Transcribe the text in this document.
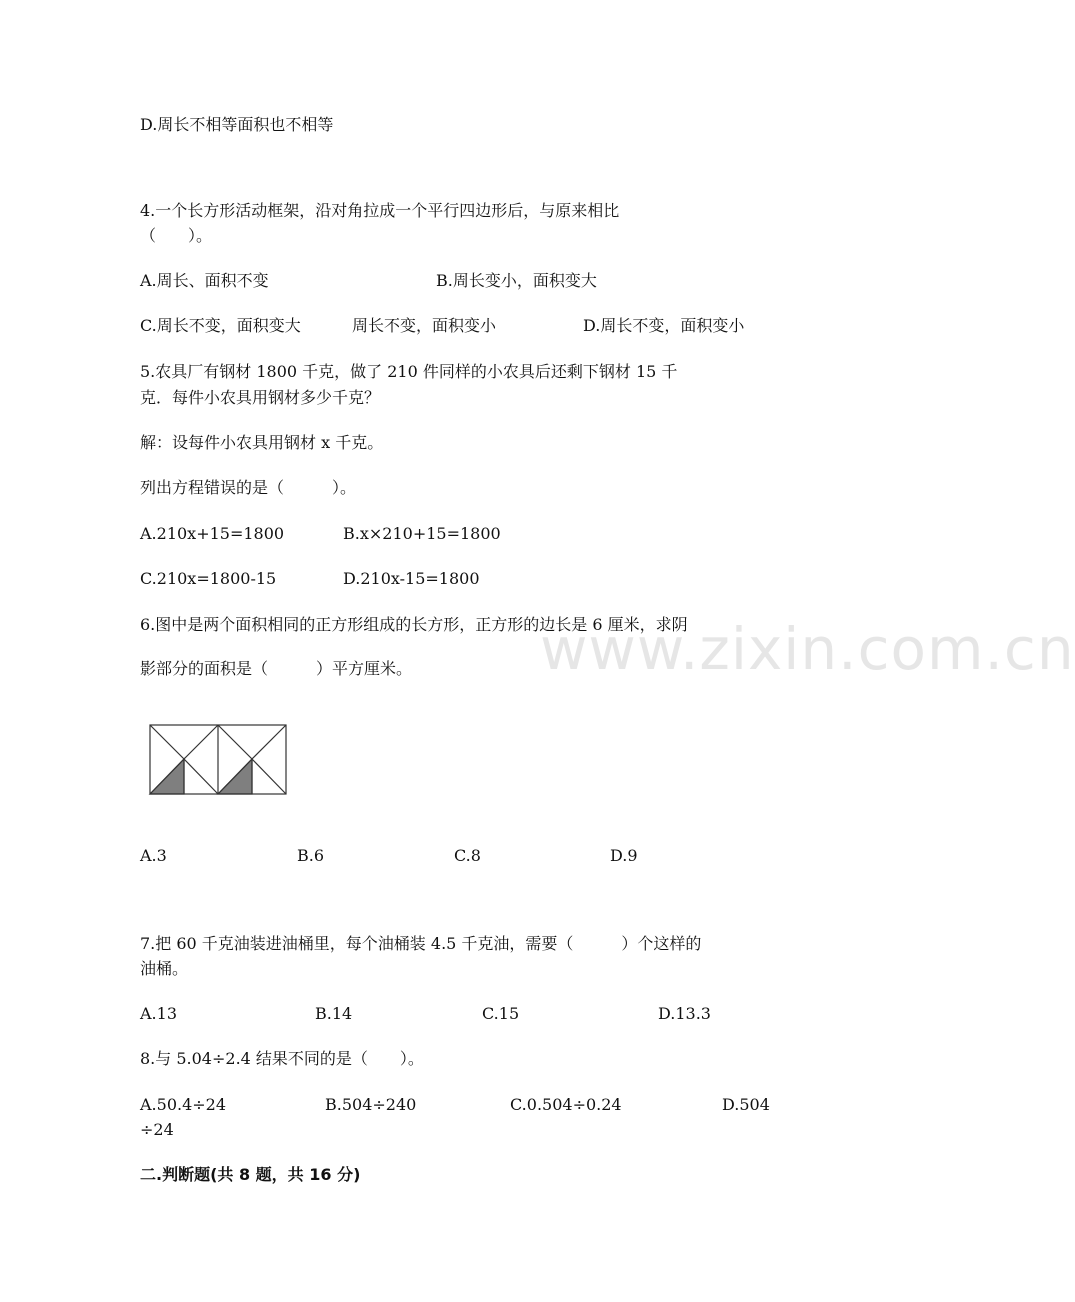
www.zixin.com.cn
D.周长不相等面积也不相等
4.一个长方形活动框架，沿对角拉成一个平行四边形后，与原来相比
（　　）。
A.周长、面积不变	B.周长变小，面积变大
C.周长不变，面积变大	周长不变，面积变小	D.周长不变，面积变小
5.农具厂有钢材 1800 千克，做了 210 件同样的小农具后还剩下钢材 15 千
克．每件小农具用钢材多少千克？
解：设每件小农具用钢材 x 千克。
列出方程错误的是（　　　）。
A.210x+15=1800	B.x×210+15=1800
C.210x=1800-15	D.210x-15=1800
6.图中是两个面积相同的正方形组成的长方形，正方形的边长是 6 厘米，求阴
影部分的面积是（　　　）平方厘米。
A.3	B.6	C.8	D.9
7.把 60 千克油装进油桶里，每个油桶装 4.5 千克油，需要（　　　）个这样的
油桶。
A.13	B.14	C.15	D.13.3
8.与 5.04÷2.4 结果不同的是（　　）。
A.50.4÷24	B.504÷240	C.0.504÷0.24	D.504
÷24
二.判断题(共 8 题，共 16 分)
